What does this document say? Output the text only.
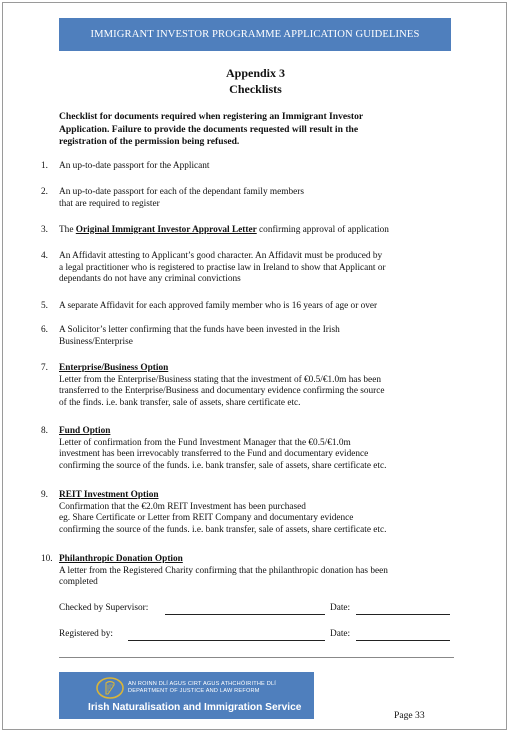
IMMIGRANT INVESTOR PROGRAMME APPLICATION GUIDELINES
Appendix 3
Checklists
Checklist for documents required when registering an Immigrant Investor
Application. Failure to provide the documents requested will result in the
registration of the permission being refused.
1. An up-to-date passport for the Applicant
2. An up-to-date passport for each of the dependant family members
that are required to register
3. The Original Immigrant Investor Approval Letter confirming approval of application
4. An Affidavit attesting to Applicant’s good character. An Affidavit must be produced by
a legal practitioner who is registered to practise law in Ireland to show that Applicant or
dependants do not have any criminal convictions
5. A separate Affidavit for each approved family member who is 16 years of age or over
6. A Solicitor’s letter confirming that the funds have been invested in the Irish
Business/Enterprise
7. Enterprise/Business Option
Letter from the Enterprise/Business stating that the investment of €0.5/€1.0m has been
transferred to the Enterprise/Business and documentary evidence confirming the source
of the finds. i.e. bank transfer, sale of assets, share certificate etc.
8. Fund Option
Letter of confirmation from the Fund Investment Manager that the €0.5/€1.0m
investment has been irrevocably transferred to the Fund and documentary evidence
confirming the source of the funds. i.e. bank transfer, sale of assets, share certificate etc.
9. REIT Investment Option
Confirmation that the €2.0m REIT Investment has been purchased
eg. Share Certificate or Letter from REIT Company and documentary evidence
confirming the source of the funds. i.e. bank transfer, sale of assets, share certificate etc.
10. Philanthropic Donation Option
A letter from the Registered Charity confirming that the philanthropic donation has been
completed
Checked by Supervisor:	Date:
Registered by:	Date:
AN ROINN DLÍ AGUS CIRT AGUS ATHCHÓIRITHE DLÍ
DEPARTMENT OF JUSTICE AND LAW REFORM
Irish Naturalisation and Immigration Service
Page 33
